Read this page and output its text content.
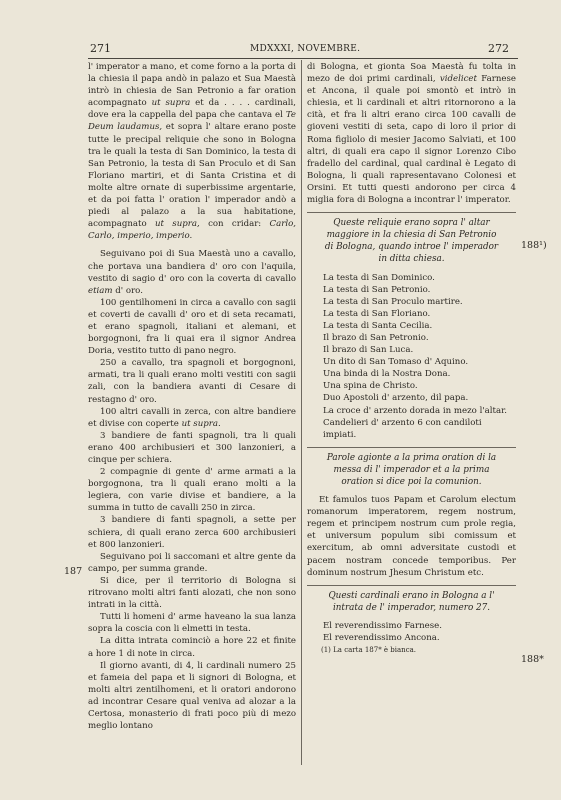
271	MDXXXI, NOVEMBRE.	272
187
188¹)
188*

l' imperator a mano, et come forno a la porta di la chiesia il papa andò in palazo et Sua Maestà intrò in chiesia de San Petronio a far oration acompagnato ut supra et da . . . . cardinali, dove era la cappella del papa che cantava el Te Deum laudamus, et sopra l' altare erano poste tutte le precipal reliquie che sono in Bologna tra le quali la testa di San Dominico, la testa di San Petronio, la testa di San Proculo et di San Floriano martiri, et di Santa Cristina et di molte altre ornate di superbissime argentarie, et da poi fatta l' oration l' imperador andò a piedi al palazo a la sua habitatione, acompagnato ut supra, con cridar: Carlo, Carlo, imperio, imperio.

Seguivano poi di Sua Maestà uno a cavallo, che portava una bandiera d' oro con l'aquila, vestito di sagio d' oro con la coverta di cavallo etiam d' oro.

100 gentilhomeni in circa a cavallo con sagii et coverti de cavalli d' oro et di seta recamati, et erano spagnoli, italiani et alemani, et borgognoni, fra li quai era il signor Andrea Doria, vestito tutto di pano negro.

250 a cavallo, tra spagnoli et borgognoni, armati, tra li quali erano molti vestiti con sagii zali, con la bandiera avanti di Cesare di restagno d' oro.

100 altri cavalli in zerca, con altre bandiere et divise con coperte ut supra.

3 bandiere de fanti spagnoli, tra li quali erano 400 archibusieri et 300 lanzonieri, a cinque per schiera.

2 compagnie di gente d' arme armati a la borgognona, tra li quali erano molti a la legiera, con varie divise et bandiere, a la summa in tutto de cavalli 250 in zirca.

3 bandiere di fanti spagnoli, a sette per schiera, di quali erano zerca 600 archibusieri et 800 lanzonieri.

Seguivano poi li saccomani et altre gente da campo, per summa grande.

Si dice, per il territorio di Bologna si ritrovano molti altri fanti alozati, che non sono intrati in la città.

Tutti li homeni d' arme haveano la sua lanza sopra la coscia con li elmetti in testa.

La ditta intrata cominciò a hore 22 et finite a hore 1 di note in circa.

Il giorno avanti, di 4, li cardinali numero 25 et fameia del papa et li signori di Bologna, et molti altri zentilhomeni, et li oratori andorono ad incontrar Cesare qual veniva ad alozar a la Certosa, monasterio di frati poco più di mezo meglio lontano

di Bologna, et gionta Soa Maestà fu tolta in mezo de doi primi cardinali, videlicet Farnese et Ancona, il quale poi smontò et intrò in chiesia, et li cardinali et altri ritornorono a la cità, et fra li altri erano circa 100 cavalli de gioveni vestiti di seta, capo di loro il prior di Roma figliolo di mesier Jacomo Salviati, et 100 altri, di quali era capo il signor Lorenzo Cibo fradello del cardinal, qual cardinal è Legato di Bologna, li quali rapresentavano Colonesi et Orsini. Et tutti questi andorono per circa 4 miglia fora di Bologna a incontrar l' imperator.

Queste reliquie erano sopra l' altar maggiore in la chiesia di San Petronio di Bologna, quando introe l' imperador in ditta chiesa.

La testa di San Dominico.

La testa di San Petronio.

La testa di San Proculo martire.

La testa di San Floriano.

La testa di Santa Cecilia.

Il brazo di San Petronio.

Il brazo di San Luca.

Un dito di San Tomaso d' Aquino.

Una binda di la Nostra Dona.

Una spina de Christo.

Duo Apostoli d' arzento, dil papa.

La croce d' arzento dorada in mezo l'altar.

Candelieri d' arzento 6 con candiloti impiati.

Parole agionte a la prima oration di la messa di l' imperador et a la prima oration si dice poi la comunion.

Et famulos tuos Papam et Carolum electum romanorum imperatorem, regem nostrum, regem et principem nostrum cum prole regia, et universum populum sibi comissum et exercitum, ab omni adversitate custodi et pacem nostram concede temporibus. Per dominum nostrum Jhesum Christum etc.

Questi cardinali erano in Bologna a l' intrata de l' imperador, numero 27.

El reverendissimo Farnese.

El reverendissimo Ancona.

(1) La carta 187* è bianca.
